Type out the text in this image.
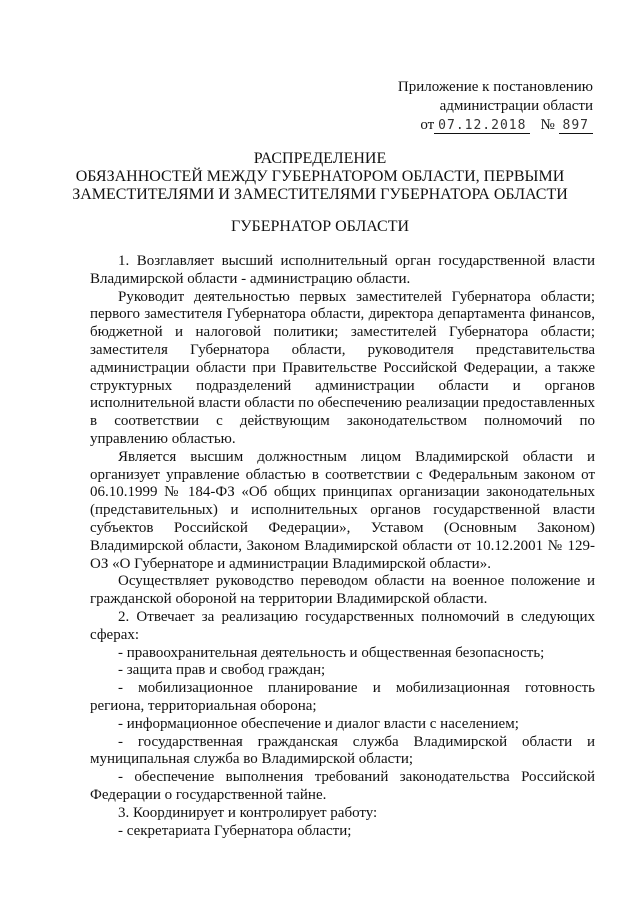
Приложение к постановлению
администрации области
от 07.12.2018 № 897
РАСПРЕДЕЛЕНИЕ
ОБЯЗАННОСТЕЙ МЕЖДУ ГУБЕРНАТОРОМ ОБЛАСТИ, ПЕРВЫМИ
ЗАМЕСТИТЕЛЯМИ И ЗАМЕСТИТЕЛЯМИ ГУБЕРНАТОРА ОБЛАСТИ
ГУБЕРНАТОР ОБЛАСТИ

1. Возглавляет высший исполнительный орган государственной власти Владимирской области - администрацию области.

Руководит деятельностью первых заместителей Губернатора области; первого заместителя Губернатора области, директора департамента финансов, бюджетной и налоговой политики; заместителей Губернатора области; заместителя Губернатора области, руководителя представительства администрации области при Правительстве Российской Федерации, а также структурных подразделений администрации области и органов исполнительной власти области по обеспечению реализации предоставленных в соответствии с действующим законодательством полномочий по управлению областью.

Является высшим должностным лицом Владимирской области и организует управление областью в соответствии с Федеральным законом от 06.10.1999 № 184-ФЗ «Об общих принципах организации законодательных (представительных) и исполнительных органов государственной власти субъектов Российской Федерации», Уставом (Основным Законом) Владимирской области, Законом Владимирской области от 10.12.2001 № 129-ОЗ «О Губернаторе и администрации Владимирской области».

Осуществляет руководство переводом области на военное положение и гражданской обороной на территории Владимирской области.

2. Отвечает за реализацию государственных полномочий в следующих сферах:

- правоохранительная деятельность и общественная безопасность;

- защита прав и свобод граждан;

- мобилизационное планирование и мобилизационная готовность региона, территориальная оборона;

- информационное обеспечение и диалог власти с населением;

- государственная гражданская служба Владимирской области и муниципальная служба во Владимирской области;

- обеспечение выполнения требований законодательства Российской Федерации о государственной тайне.

3. Координирует и контролирует работу:

- секретариата Губернатора области;
